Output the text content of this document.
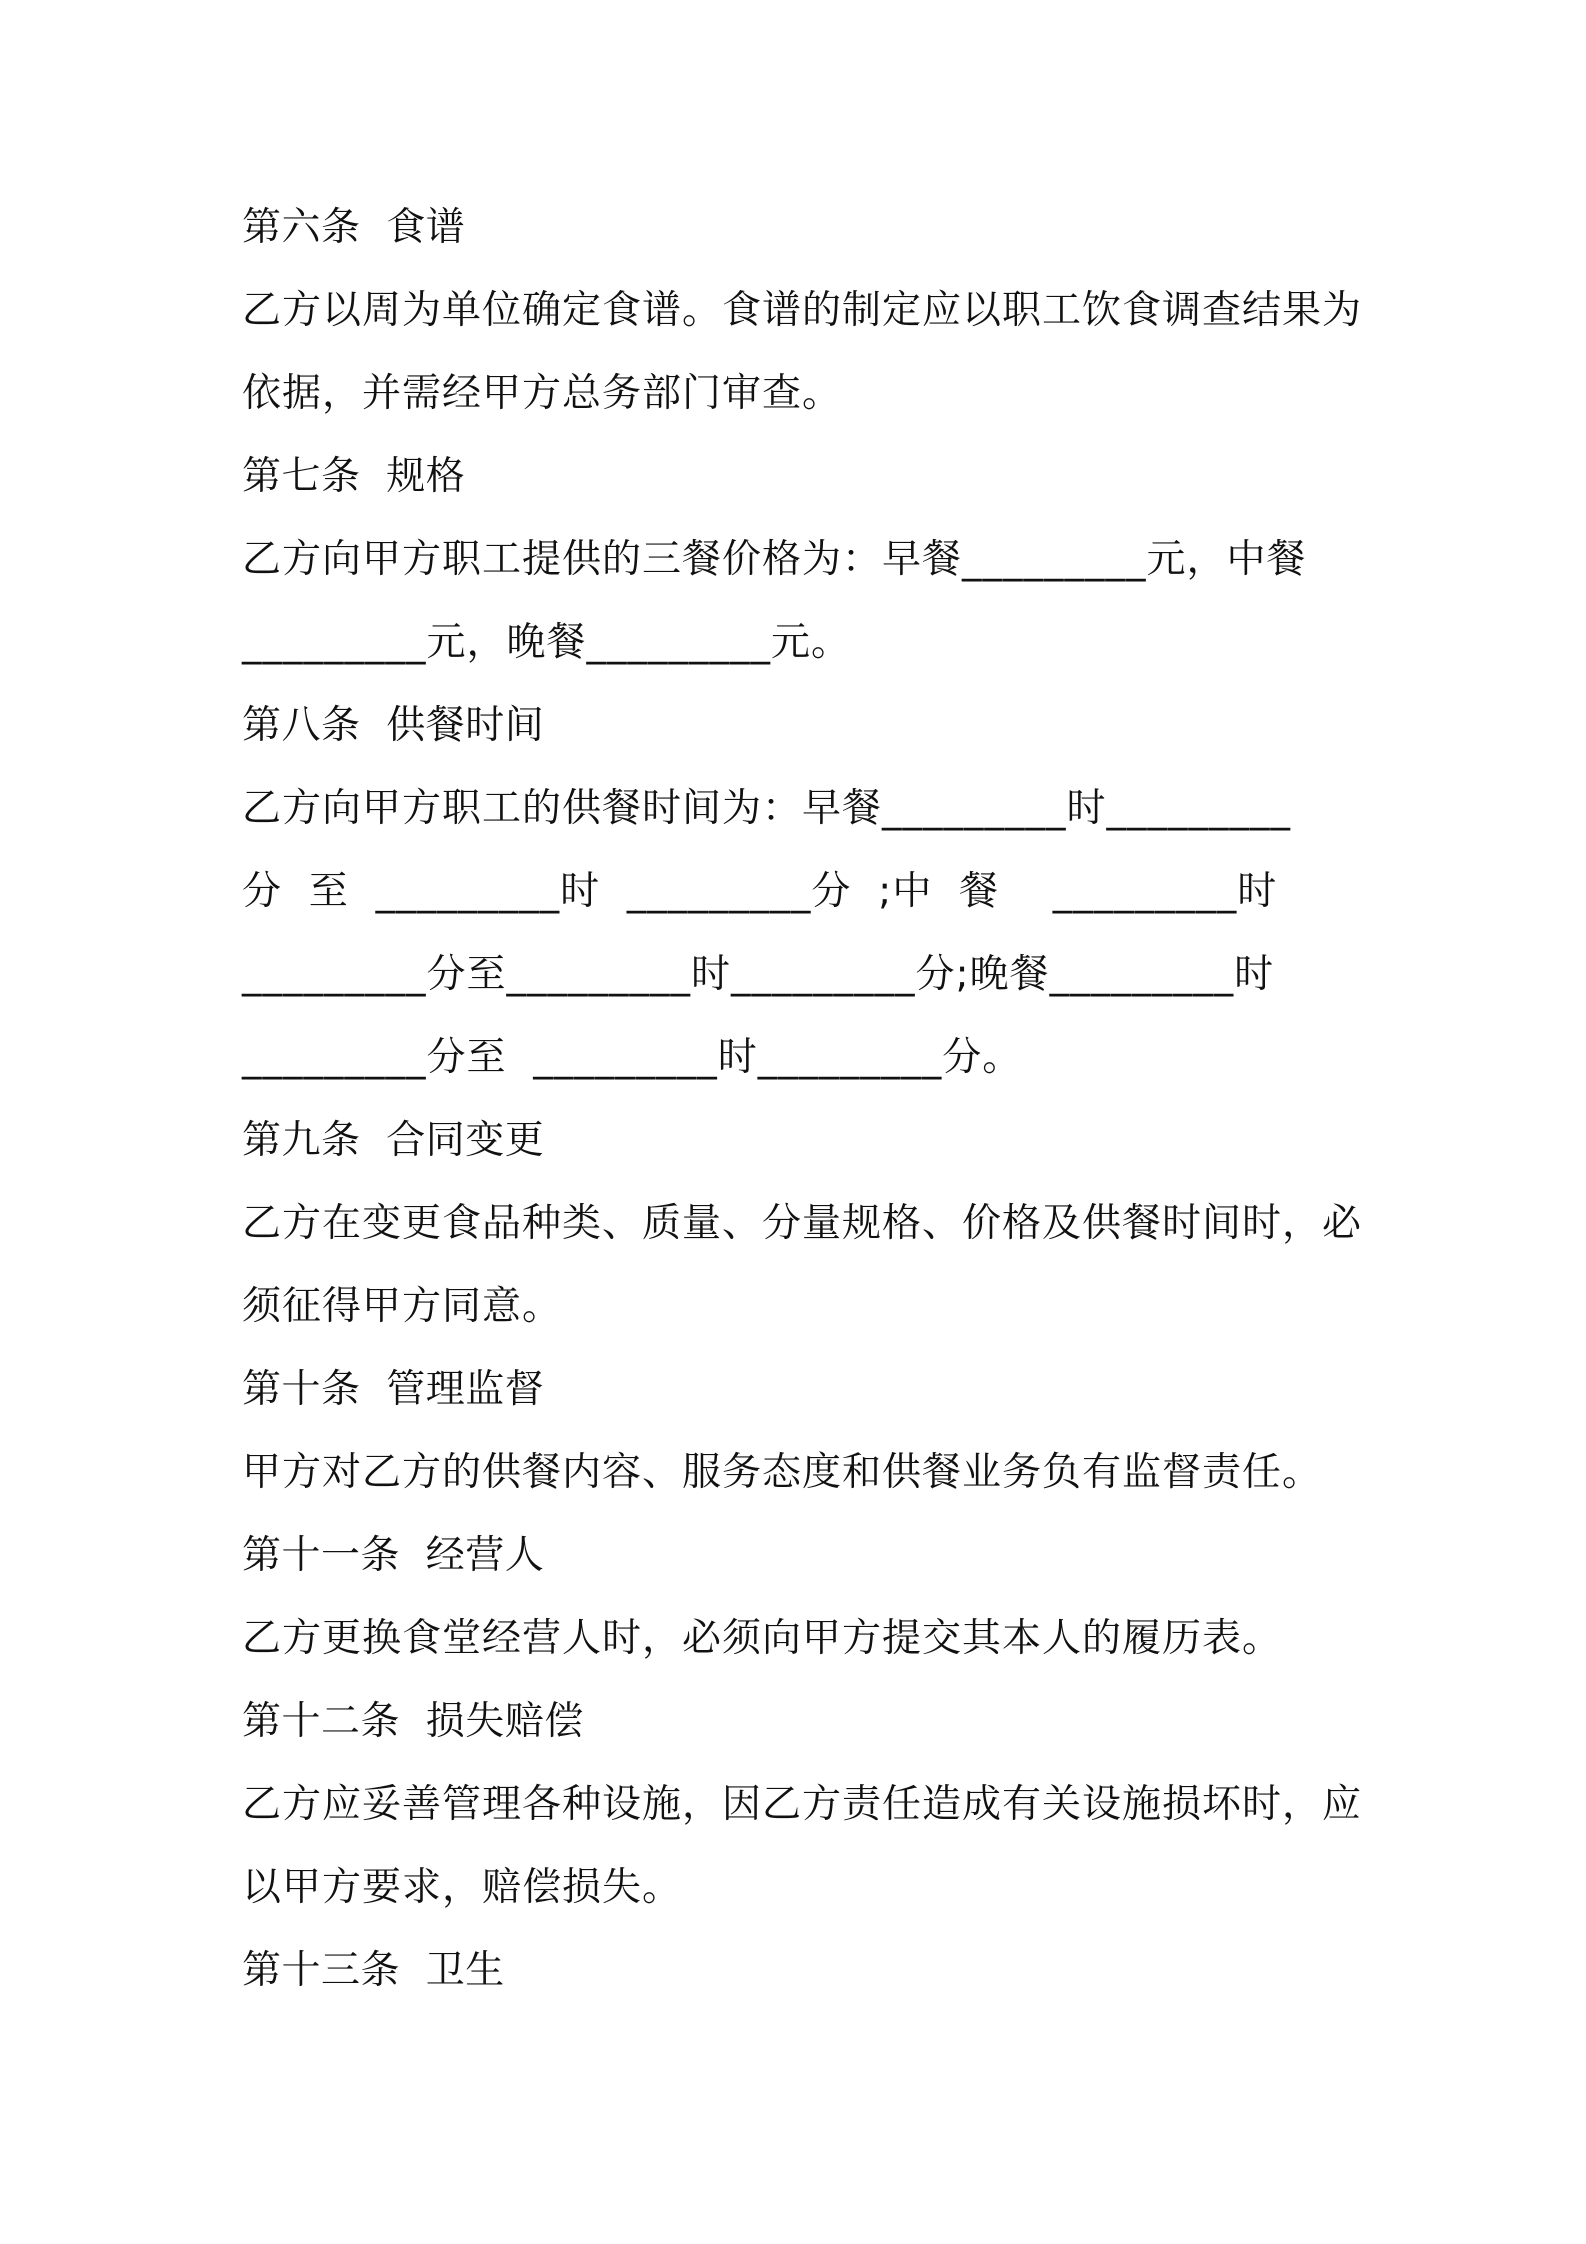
第六条  食谱

乙方以周为单位确定食谱。食谱的制定应以职工饮食调查结果为

依据，并需经甲方总务部门审查。

第七条  规格

乙方向甲方职工提供的三餐价格为：早餐_________元，中餐

_________元，晚餐_________元。

第八条  供餐时间

乙方向甲方职工的供餐时间为：早餐_________时_________

分  至  _________时  _________分  ;中  餐    _________时

_________分至_________时_________分;晚餐_________时

_________分至  _________时_________分。

第九条  合同变更

乙方在变更食品种类、质量、分量规格、价格及供餐时间时，必

须征得甲方同意。

第十条  管理监督

甲方对乙方的供餐内容、服务态度和供餐业务负有监督责任。

第十一条  经营人

乙方更换食堂经营人时，必须向甲方提交其本人的履历表。

第十二条  损失赔偿

乙方应妥善管理各种设施，因乙方责任造成有关设施损坏时，应

以甲方要求，赔偿损失。

第十三条  卫生
